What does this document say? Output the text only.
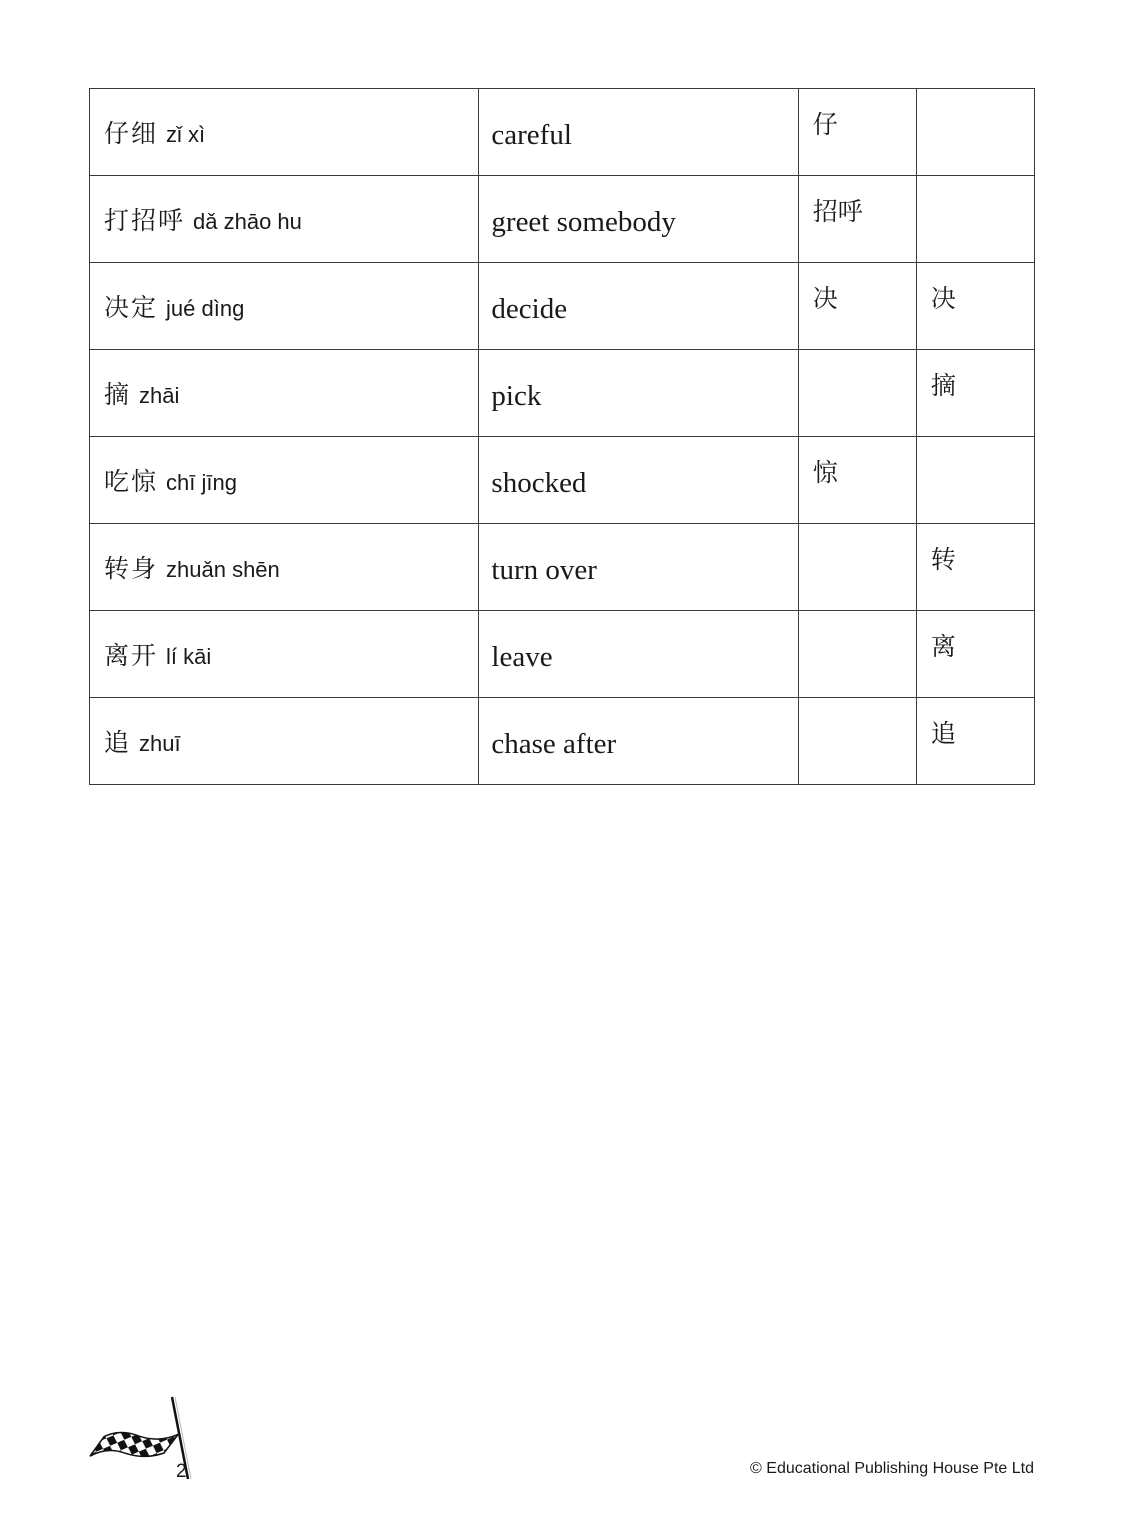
仔细 zǐ xì	careful	仔	
打招呼 dǎ zhāo hu	greet somebody	招呼	
决定 jué dìng	decide	决	决
摘 zhāi	pick		摘
吃惊 chī jīng	shocked	惊	
转身 zhuǎn shēn	turn over		转
离开 lí kāi	leave		离
追 zhuī	chase after		追
2	© Educational Publishing House Pte Ltd
